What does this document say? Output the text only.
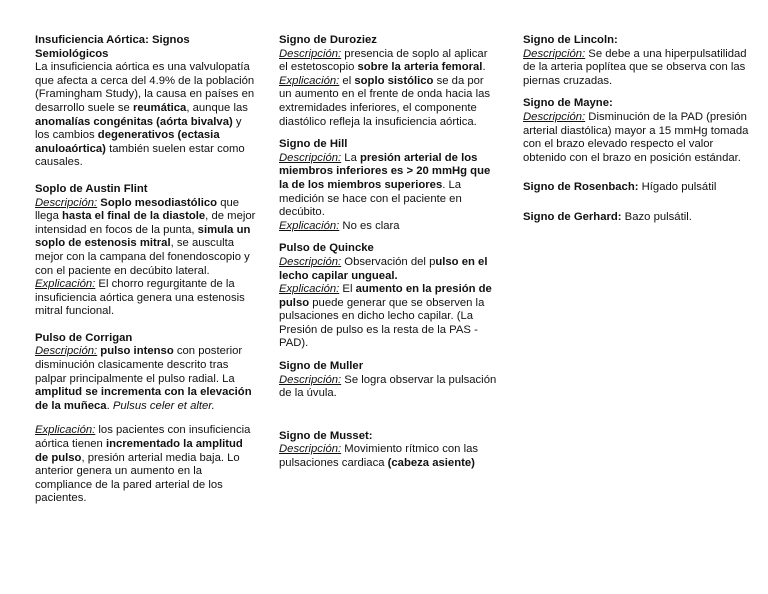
Insuficiencia Aórtica: Signos Semiológicos

La insuficiencia aórtica es una valvulopatía que afecta a cerca del 4.9% de la población (Framingham Study), la causa en países en desarrollo suele se reumática, aunque las anomalías congénitas (aórta bivalva) y los cambios degenerativos (ectasia anuloaórtica) también suelen estar como causales.

Soplo de Austin Flint

Descripción: Soplo mesodiastólico que llega hasta el final de la diastole, de mejor intensidad en focos de la punta, simula un soplo de estenosis mitral, se ausculta mejor con la campana del fonendoscopio y con el paciente en decúbito lateral.
Explicación: El chorro regurgitante de la insuficiencia aórtica genera una estenosis mitral funcional.

Pulso de Corrigan

Descripción: pulso intenso con posterior disminución clasicamente descrito tras palpar principalmente el pulso radial. La amplitud se incrementa con la elevación de la muñeca. Pulsus celer et alter.

Explicación: los pacientes con insuficiencia aórtica tienen incrementado la amplitud de pulso, presión arterial media baja. Lo anterior genera un aumento en la compliance de la pared arterial de los pacientes.

Signo de Duroziez

Descripción: presencia de soplo al aplicar el estetoscopio sobre la arteria femoral.
Explicación: el soplo sistólico se da por un aumento en el frente de onda hacia las extremidades inferiores, el componente diastólico refleja la insuficiencia aórtica.

Signo de Hill

Descripción: La presión arterial de los miembros inferiores es > 20 mmHg que la de los miembros superiores. La medición se hace con el paciente en decúbito.
Explicación: No es clara

Pulso de Quincke

Descripción: Observación del pulso en el lecho capilar ungueal.
Explicación: El aumento en la presión de pulso puede generar que se observen la pulsaciones en dicho lecho capilar. (La Presión de pulso es la resta de la PAS - PAD).

Signo de Muller

Descripción: Se logra observar la pulsación de la úvula.

Signo de Musset:

Descripción: Movimiento rítmico con las pulsaciones cardiaca (cabeza asiente)

Signo de Lincoln:

Descripción: Se debe a una hiperpulsatilidad de la arteria poplítea que se observa con las piernas cruzadas.

Signo de Mayne:

Descripción: Disminución de la PAD (presión arterial diastólica) mayor a 15 mmHg tomada con el brazo elevado respecto el valor obtenido con el brazo en posición estándar.

Signo de Rosenbach: Hígado pulsátil

Signo de Gerhard: Bazo pulsátil.
